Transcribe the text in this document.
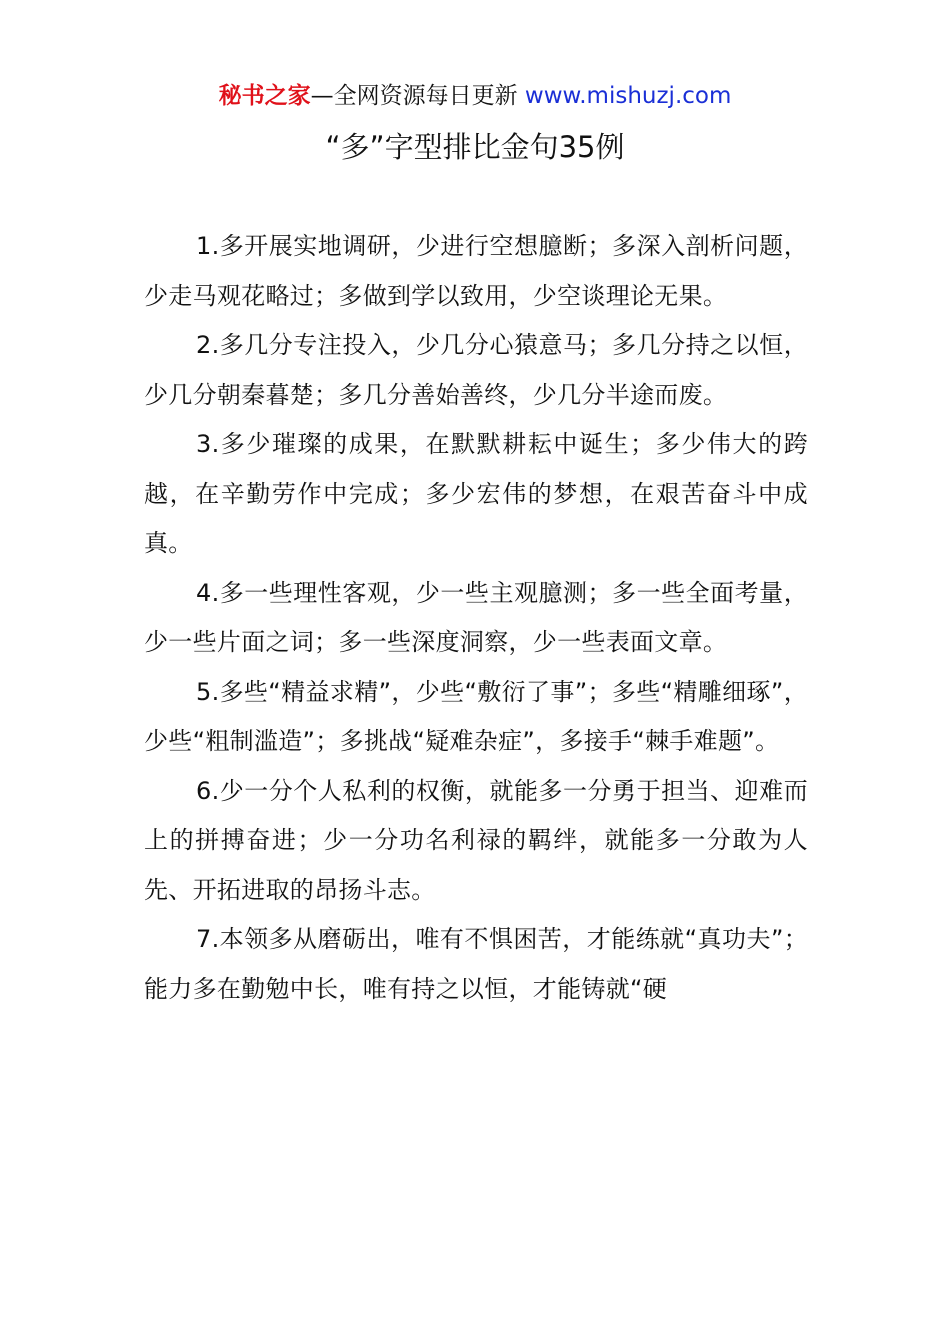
秘书之家—全网资源每日更新 www.mishuzj.com
“多”字型排比金句35例

1.多开展实地调研，少进行空想臆断；多深入剖析问题，少走马观花略过；多做到学以致用，少空谈理论无果。

2.多几分专注投入，少几分心猿意马；多几分持之以恒，少几分朝秦暮楚；多几分善始善终，少几分半途而废。

3.多少璀璨的成果，在默默耕耘中诞生；多少伟大的跨越，在辛勤劳作中完成；多少宏伟的梦想，在艰苦奋斗中成真。

4.多一些理性客观，少一些主观臆测；多一些全面考量，少一些片面之词；多一些深度洞察，少一些表面文章。

5.多些“精益求精”，少些“敷衍了事”；多些“精雕细琢”，少些“粗制滥造”；多挑战“疑难杂症”，多接手“棘手难题”。

6.少一分个人私利的权衡，就能多一分勇于担当、迎难而上的拼搏奋进；少一分功名利禄的羁绊，就能多一分敢为人先、开拓进取的昂扬斗志。

7.本领多从磨砺出，唯有不惧困苦，才能练就“真功夫”；能力多在勤勉中长，唯有持之以恒，才能铸就“硬
